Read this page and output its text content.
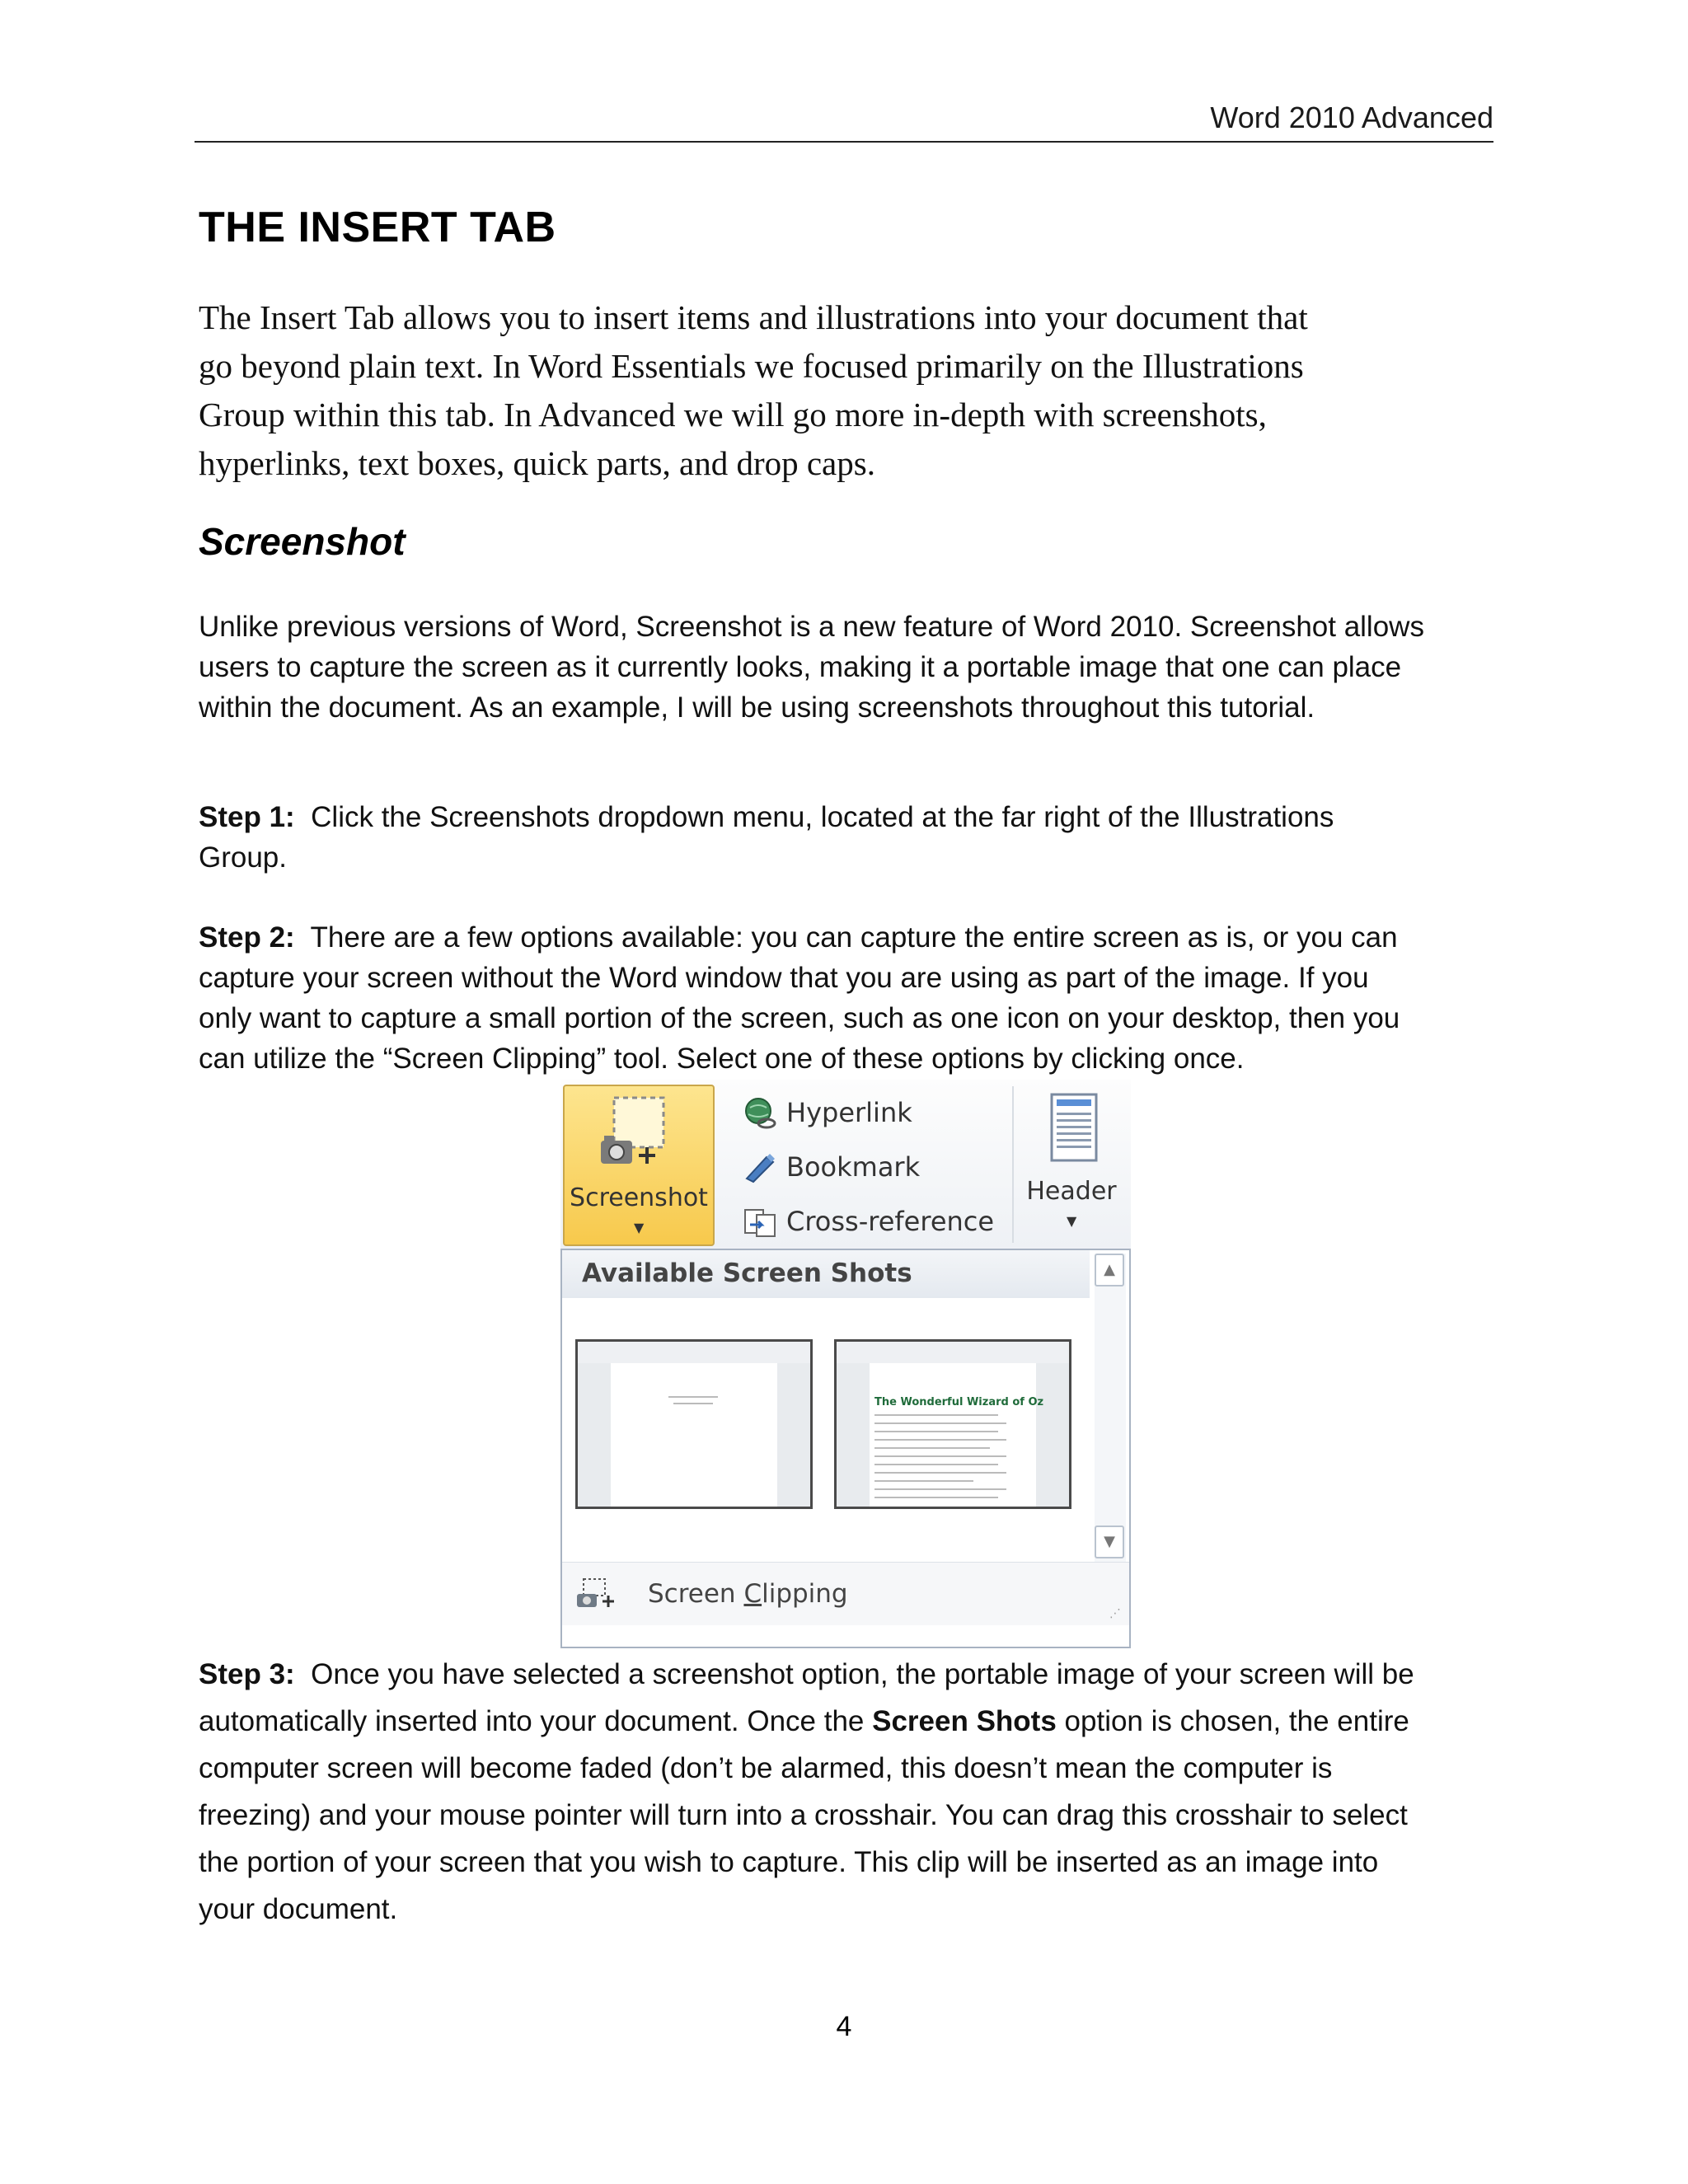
Word 2010 Advanced
THE INSERT TAB
The Insert Tab allows you to insert items and illustrations into your document that
go beyond plain text. In Word Essentials we focused primarily on the Illustrations
Group within this tab. In Advanced we will go more in-depth with screenshots,
hyperlinks, text boxes, quick parts, and drop caps.
Screenshot
Unlike previous versions of Word, Screenshot is a new feature of Word 2010. Screenshot allows
users to capture the screen as it currently looks, making it a portable image that one can place
within the document. As an example, I will be using screenshots throughout this tutorial.
Step 1:  Click the Screenshots dropdown menu, located at the far right of the Illustrations
Group.
Step 2:  There are a few options available: you can capture the entire screen as is, or you can
capture your screen without the Word window that you are using as part of the image. If you
only want to capture a small portion of the screen, such as one icon on your desktop, then you
can utilize the “Screen Clipping” tool. Select one of these options by clicking once.
Screenshot
▼
Hyperlink
Bookmark
Cross-reference
Header
▼
Available Screen Shots	▲
▼
The Wonderful Wizard of Oz
Screen Clipping
⋰
Step 3:  Once you have selected a screenshot option, the portable image of your screen will be
automatically inserted into your document. Once the Screen Shots option is chosen, the entire
computer screen will become faded (don’t be alarmed, this doesn’t mean the computer is
freezing) and your mouse pointer will turn into a crosshair. You can drag this crosshair to select
the portion of your screen that you wish to capture. This clip will be inserted as an image into
your document.
4
